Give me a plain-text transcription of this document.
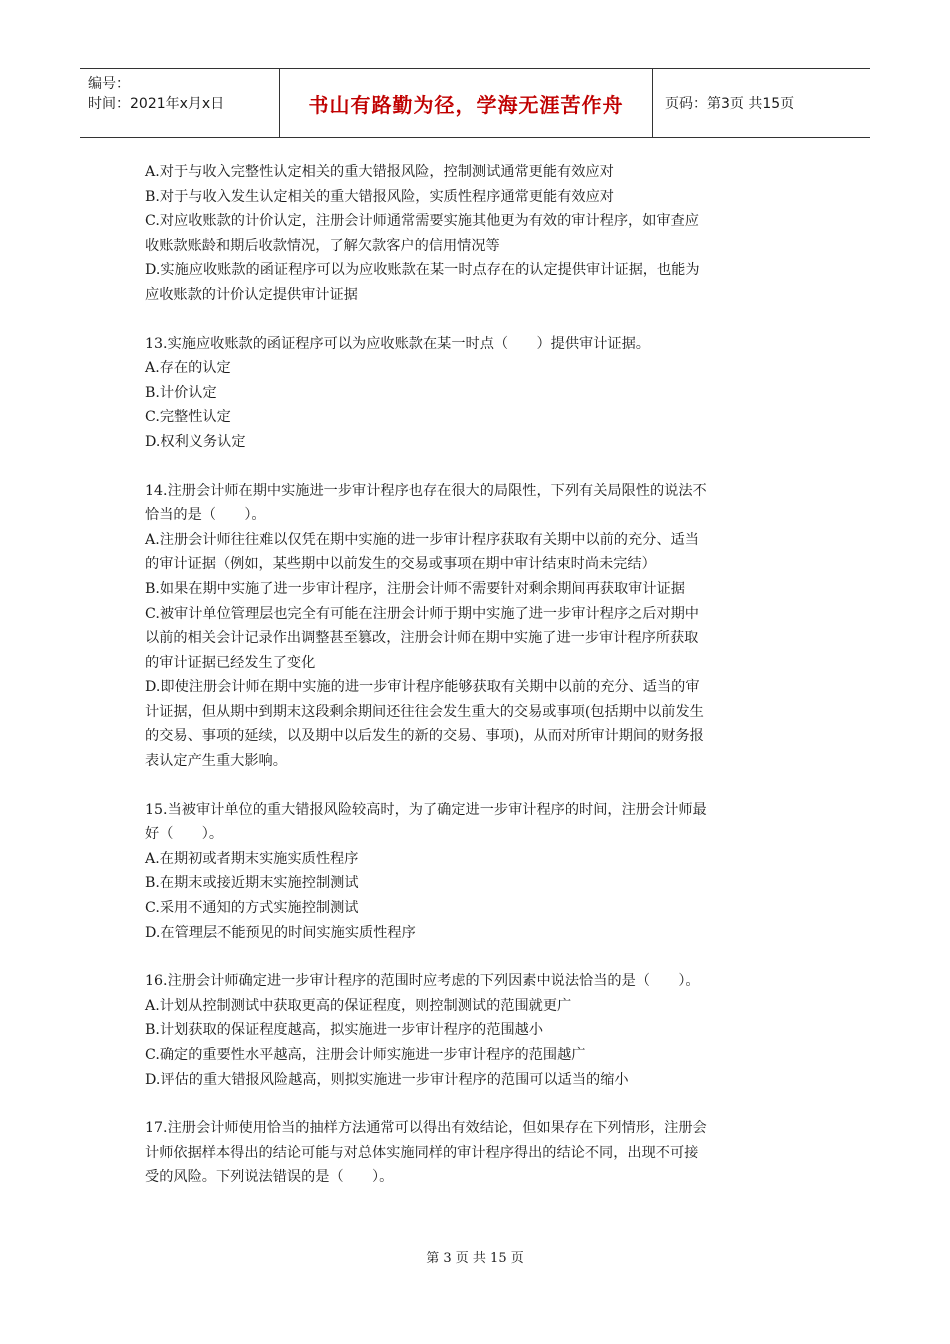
编号：
时间：2021年x月x日	书山有路勤为径，学海无涯苦作舟	页码：第3页 共15页

A.对于与收入完整性认定相关的重大错报风险，控制测试通常更能有效应对

B.对于与收入发生认定相关的重大错报风险，实质性程序通常更能有效应对

C.对应收账款的计价认定，注册会计师通常需要实施其他更为有效的审计程序，如审查应

收账款账龄和期后收款情况，了解欠款客户的信用情况等

D.实施应收账款的函证程序可以为应收账款在某一时点存在的认定提供审计证据，也能为

应收账款的计价认定提供审计证据

13.实施应收账款的函证程序可以为应收账款在某一时点（　　）提供审计证据。

A.存在的认定

B.计价认定

C.完整性认定

D.权利义务认定

14.注册会计师在期中实施进一步审计程序也存在很大的局限性，下列有关局限性的说法不

恰当的是（　　）。

A.注册会计师往往难以仅凭在期中实施的进一步审计程序获取有关期中以前的充分、适当

的审计证据（例如，某些期中以前发生的交易或事项在期中审计结束时尚未完结）

B.如果在期中实施了进一步审计程序，注册会计师不需要针对剩余期间再获取审计证据

C.被审计单位管理层也完全有可能在注册会计师于期中实施了进一步审计程序之后对期中

以前的相关会计记录作出调整甚至篡改，注册会计师在期中实施了进一步审计程序所获取

的审计证据已经发生了变化

D.即使注册会计师在期中实施的进一步审计程序能够获取有关期中以前的充分、适当的审

计证据，但从期中到期末这段剩余期间还往往会发生重大的交易或事项(包括期中以前发生

的交易、事项的延续，以及期中以后发生的新的交易、事项)，从而对所审计期间的财务报

表认定产生重大影响。

15.当被审计单位的重大错报风险较高时，为了确定进一步审计程序的时间，注册会计师最

好（　　）。

A.在期初或者期末实施实质性程序

B.在期末或接近期末实施控制测试

C.采用不通知的方式实施控制测试

D.在管理层不能预见的时间实施实质性程序

16.注册会计师确定进一步审计程序的范围时应考虑的下列因素中说法恰当的是（　　）。

A.计划从控制测试中获取更高的保证程度，则控制测试的范围就更广

B.计划获取的保证程度越高，拟实施进一步审计程序的范围越小

C.确定的重要性水平越高，注册会计师实施进一步审计程序的范围越广

D.评估的重大错报风险越高，则拟实施进一步审计程序的范围可以适当的缩小

17.注册会计师使用恰当的抽样方法通常可以得出有效结论，但如果存在下列情形，注册会

计师依据样本得出的结论可能与对总体实施同样的审计程序得出的结论不同，出现不可接

受的风险。下列说法错误的是（　　）。

第 3 页 共 15 页
